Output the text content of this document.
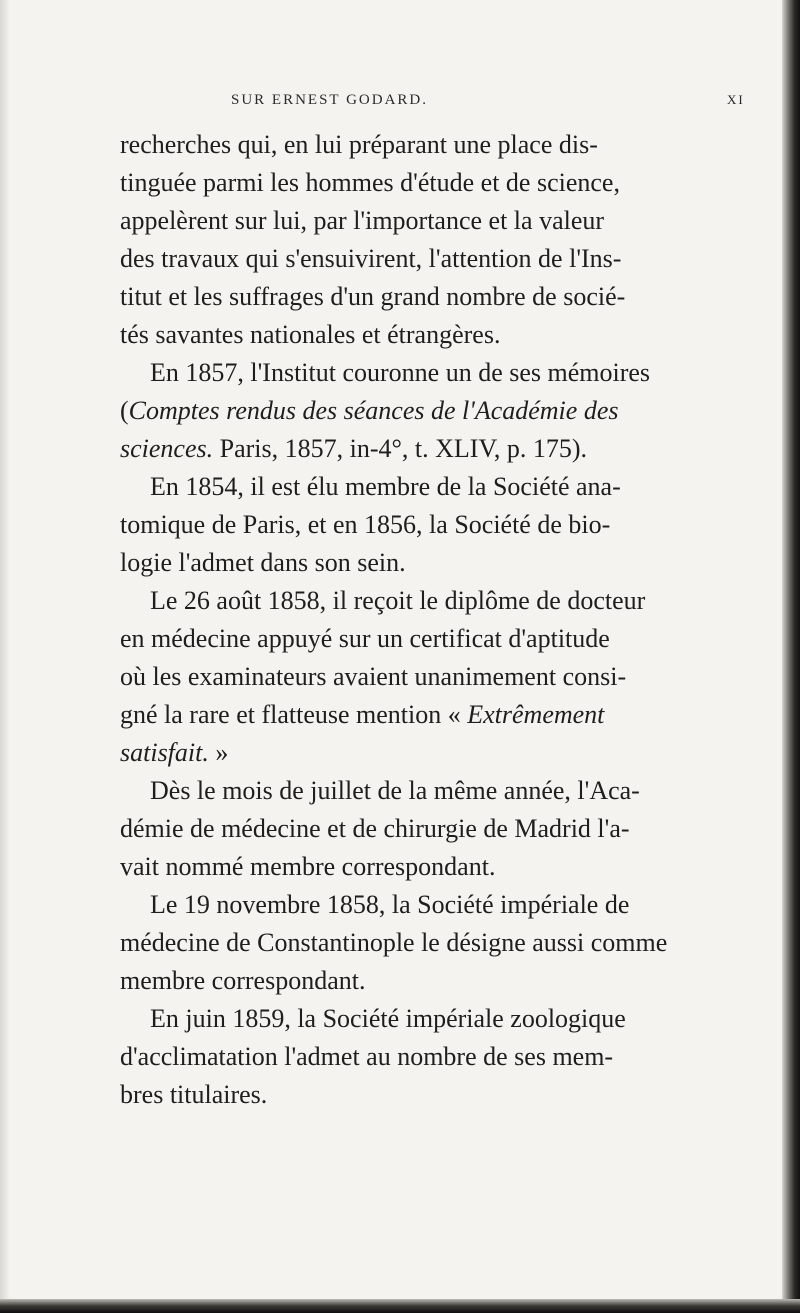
SUR ERNEST GODARD.	XI
recherches qui, en lui préparant une place dis-
tinguée parmi les hommes d'étude et de science,
appelèrent sur lui, par l'importance et la valeur
des travaux qui s'ensuivirent, l'attention de l'Ins-
titut et les suffrages d'un grand nombre de socié-
tés savantes nationales et étrangères.
En 1857, l'Institut couronne un de ses mémoires
(Comptes rendus des séances de l'Académie des
sciences. Paris, 1857, in-4°, t. XLIV, p. 175).
En 1854, il est élu membre de la Société ana-
tomique de Paris, et en 1856, la Société de bio-
logie l'admet dans son sein.
Le 26 août 1858, il reçoit le diplôme de docteur
en médecine appuyé sur un certificat d'aptitude
où les examinateurs avaient unanimement consi-
gné la rare et flatteuse mention « Extrêmement
satisfait. »
Dès le mois de juillet de la même année, l'Aca-
démie de médecine et de chirurgie de Madrid l'a-
vait nommé membre correspondant.
Le 19 novembre 1858, la Société impériale de
médecine de Constantinople le désigne aussi comme
membre correspondant.
En juin 1859, la Société impériale zoologique
d'acclimatation l'admet au nombre de ses mem-
bres titulaires.
